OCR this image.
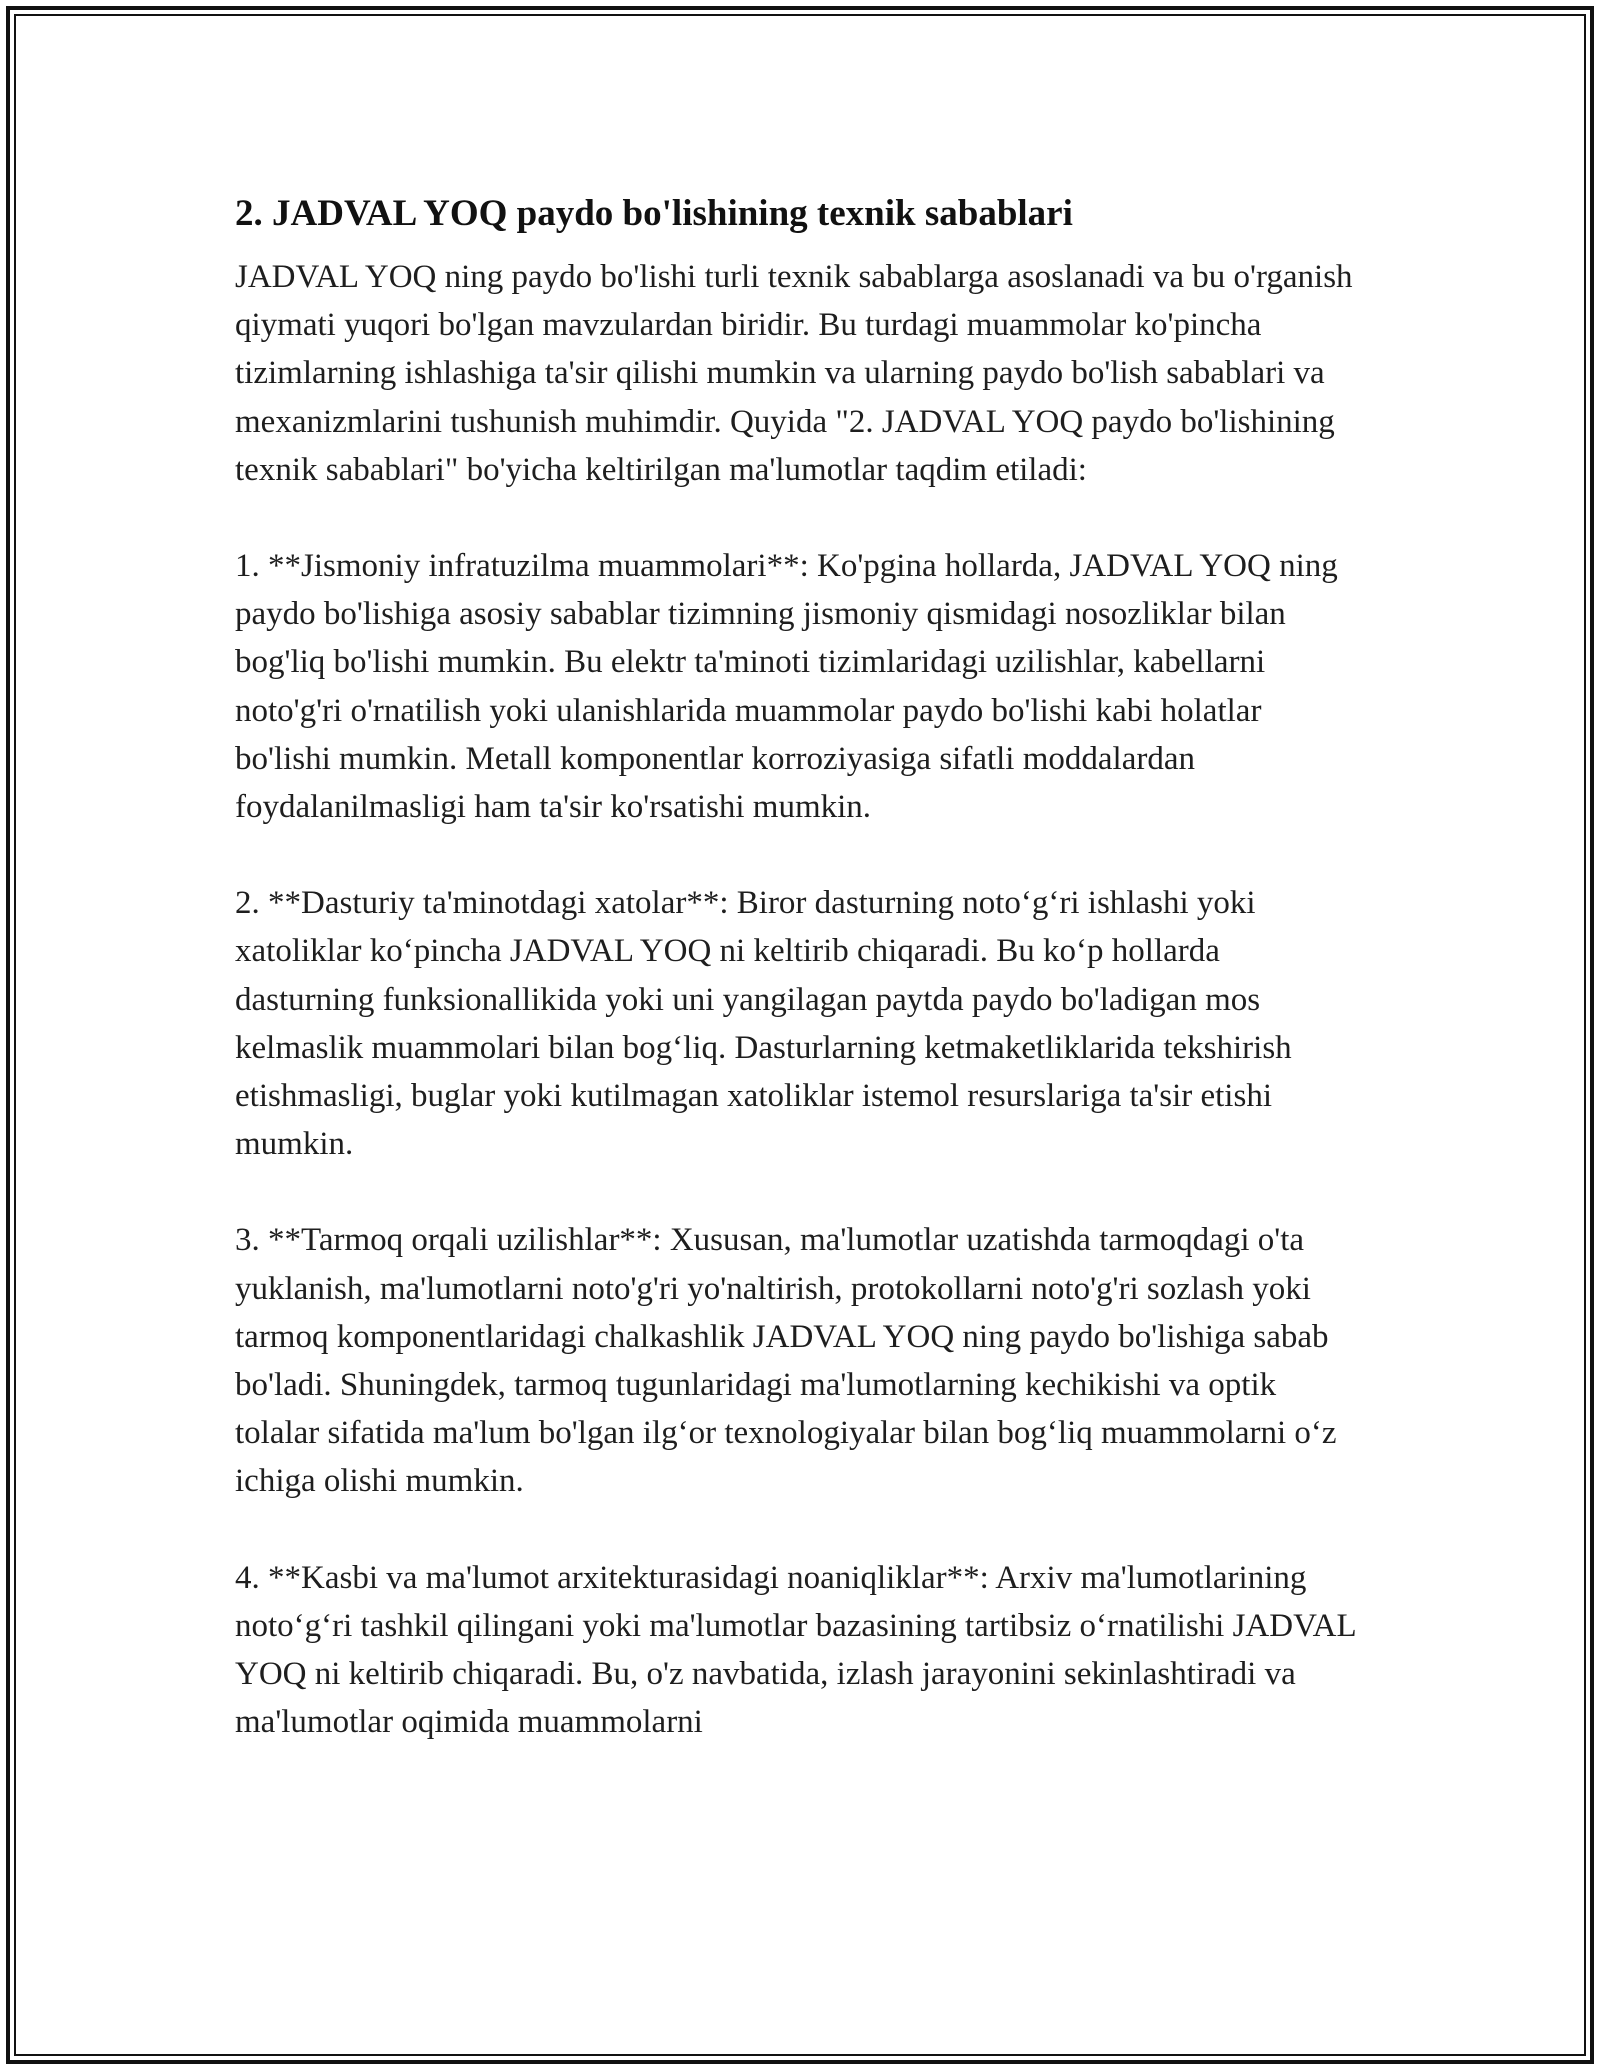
2. JADVAL YOQ paydo bo'lishining texnik sabablari

JADVAL YOQ ning paydo bo'lishi turli texnik sabablarga asoslanadi va bu o'rganish qiymati yuqori bo'lgan mavzulardan biridir. Bu turdagi muammolar ko'pincha tizimlarning ishlashiga ta'sir qilishi mumkin va ularning paydo bo'lish sabablari va mexanizmlarini tushunish muhimdir. Quyida "2. JADVAL YOQ paydo bo'lishining texnik sabablari" bo'yicha keltirilgan ma'lumotlar taqdim etiladi:

1. **Jismoniy infratuzilma muammolari**: Ko'pgina hollarda, JADVAL YOQ ning paydo bo'lishiga asosiy sabablar tizimning jismoniy qismidagi nosozliklar bilan bog'liq bo'lishi mumkin. Bu elektr ta'minoti tizimlaridagi uzilishlar, kabellarni noto'g'ri o'rnatilish yoki ulanishlarida muammolar paydo bo'lishi kabi holatlar bo'lishi mumkin. Metall komponentlar korroziyasiga sifatli moddalardan foydalanilmasligi ham ta'sir ko'rsatishi mumkin.

2. **Dasturiy ta'minotdagi xatolar**: Biror dasturning noto‘g‘ri ishlashi yoki xatoliklar ko‘pincha JADVAL YOQ ni keltirib chiqaradi. Bu ko‘p hollarda dasturning funksionallikida yoki uni yangilagan paytda paydo bo'ladigan mos kelmaslik muammolari bilan bog‘liq. Dasturlarning ketmaketliklarida tekshirish etishmasligi, buglar yoki kutilmagan xatoliklar istemol resurslariga ta'sir etishi mumkin.

3. **Tarmoq orqali uzilishlar**: Xususan, ma'lumotlar uzatishda tarmoqdagi o'ta yuklanish, ma'lumotlarni noto'g'ri yo'naltirish, protokollarni noto'g'ri sozlash yoki tarmoq komponentlaridagi chalkashlik JADVAL YOQ ning paydo bo'lishiga sabab bo'ladi. Shuningdek, tarmoq tugunlaridagi ma'lumotlarning kechikishi va optik tolalar sifatida ma'lum bo'lgan ilg‘or texnologiyalar bilan bog‘liq muammolarni o‘z ichiga olishi mumkin.

4. **Kasbi va ma'lumot arxitekturasidagi noaniqliklar**: Arxiv ma'lumotlarining noto‘g‘ri tashkil qilingani yoki ma'lumotlar bazasining tartibsiz o‘rnatilishi JADVAL YOQ ni keltirib chiqaradi. Bu, o'z navbatida, izlash jarayonini sekinlashtiradi va ma'lumotlar oqimida muammolarni
